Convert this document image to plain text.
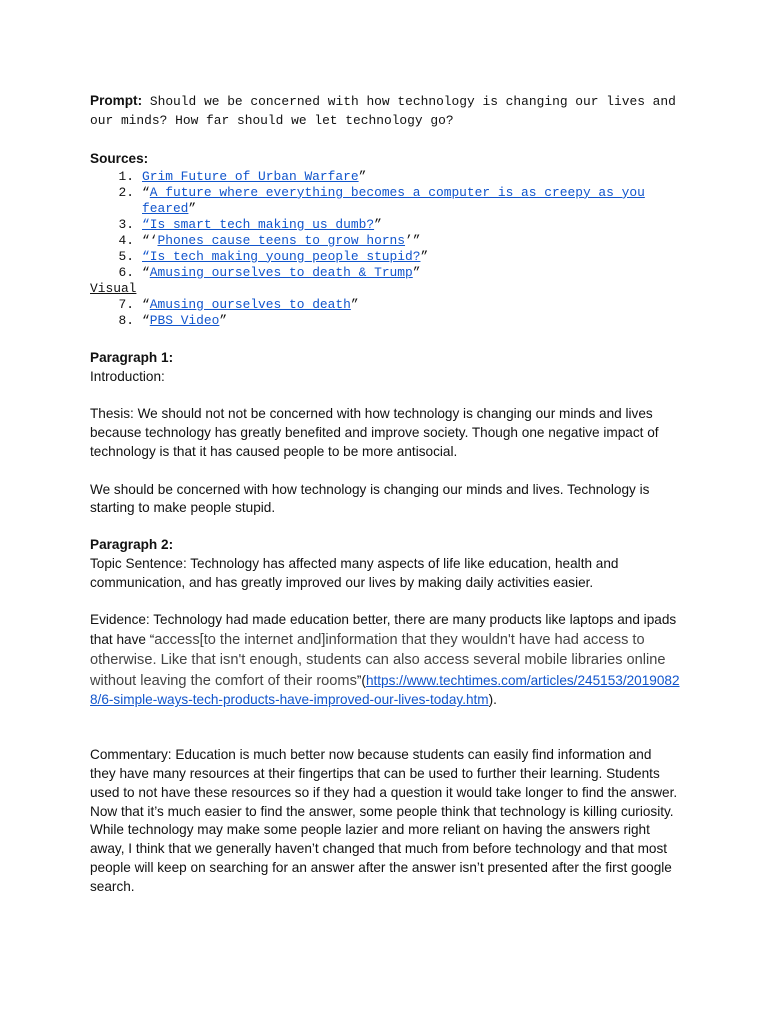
Prompt: Should we be concerned with how technology is changing our lives and our minds? How far should we let technology go?

Sources:

1. Grim Future of Urban Warfare”
2. “A future where everything becomes a computer is as creepy as you feared”
3. “Is smart tech making us dumb?”
4. “‘Phones cause teens to grow horns’”
5. “Is tech making young people stupid?”
6. “Amusing ourselves to death & Trump”

Visual

7. “Amusing ourselves to death”
8. “PBS Video”

Paragraph 1:

Introduction:

Thesis: We should not not be concerned with how technology is changing our minds and lives because technology has greatly benefited and improve society. Though one negative impact of technology is that it has caused people to be more antisocial.

We should be concerned with how technology is changing our minds and lives. Technology is starting to make people stupid.

Paragraph 2:

Topic Sentence: Technology has affected many aspects of life like education, health and communication, and has greatly improved our lives by making daily activities easier.

Evidence: Technology had made education better, there are many products like laptops and ipads that have “access[to the internet and]information that they wouldn't have had access to otherwise. Like that isn't enough, students can also access several mobile libraries online without leaving the comfort of their rooms”(https://www.techtimes.com/articles/245153/20190828/6-simple-ways-tech-products-have-improved-our-lives-today.htm).

Commentary: Education is much better now because students can easily find information and they have many resources at their fingertips that can be used to further their learning. Students used to not have these resources so if they had a question it would take longer to find the answer. Now that it’s much easier to find the answer, some people think that technology is killing curiosity. While technology may make some people lazier and more reliant on having the answers right away, I think that we generally haven’t changed that much from before technology and that most people will keep on searching for an answer after the answer isn’t presented after the first google search.
